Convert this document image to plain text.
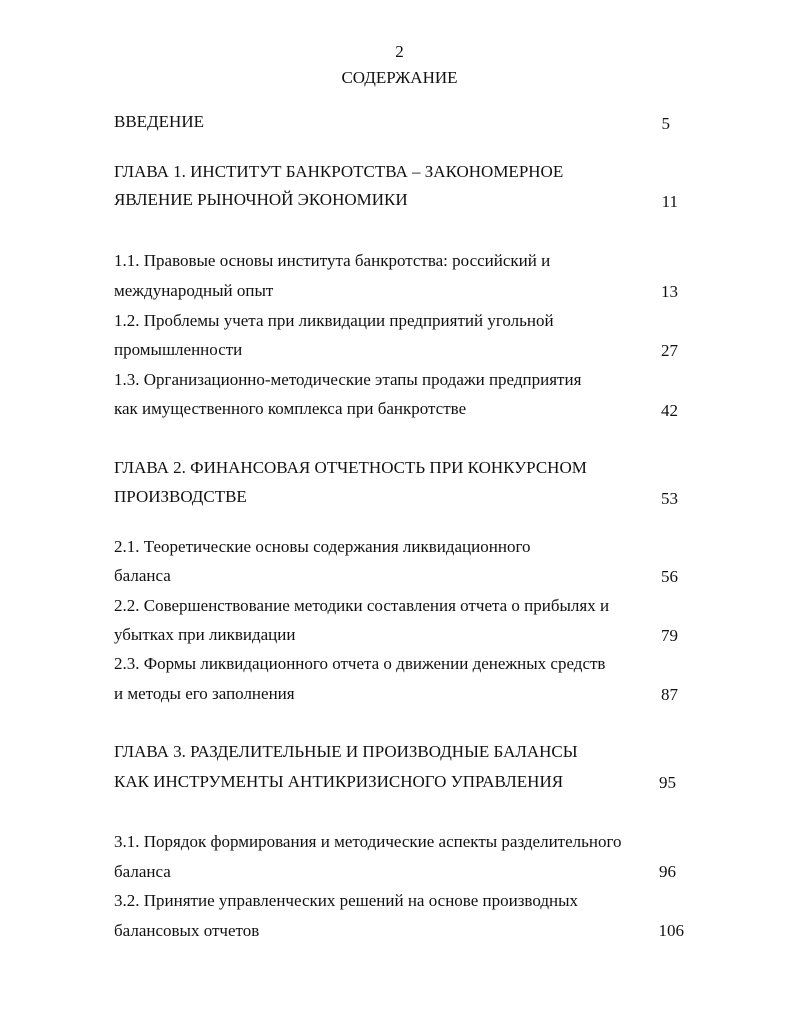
2
СОДЕРЖАНИЕ
ВВЕДЕНИЕ	5
ГЛАВА 1. ИНСТИТУТ БАНКРОТСТВА – ЗАКОНОМЕРНОЕ
ЯВЛЕНИЕ РЫНОЧНОЙ ЭКОНОМИКИ	11
1.1. Правовые основы института банкротства: российский и
международный опыт	13
1.2. Проблемы учета при ликвидации предприятий угольной
промышленности	27
1.3. Организационно-методические этапы продажи предприятия
как имущественного комплекса при банкротстве	42
ГЛАВА 2. ФИНАНСОВАЯ ОТЧЕТНОСТЬ ПРИ КОНКУРСНОМ
ПРОИЗВОДСТВЕ	53
2.1. Теоретические основы содержания ликвидационного
баланса	56
2.2. Совершенствование методики составления отчета о прибылях и
убытках при ликвидации	79
2.3. Формы ликвидационного отчета о движении денежных средств
и методы его заполнения	87
ГЛАВА 3. РАЗДЕЛИТЕЛЬНЫЕ И ПРОИЗВОДНЫЕ БАЛАНСЫ
КАК ИНСТРУМЕНТЫ АНТИКРИЗИСНОГО УПРАВЛЕНИЯ	95
3.1. Порядок формирования и методические аспекты разделительного
баланса	96
3.2. Принятие управленческих решений на основе производных
балансовых отчетов	106
